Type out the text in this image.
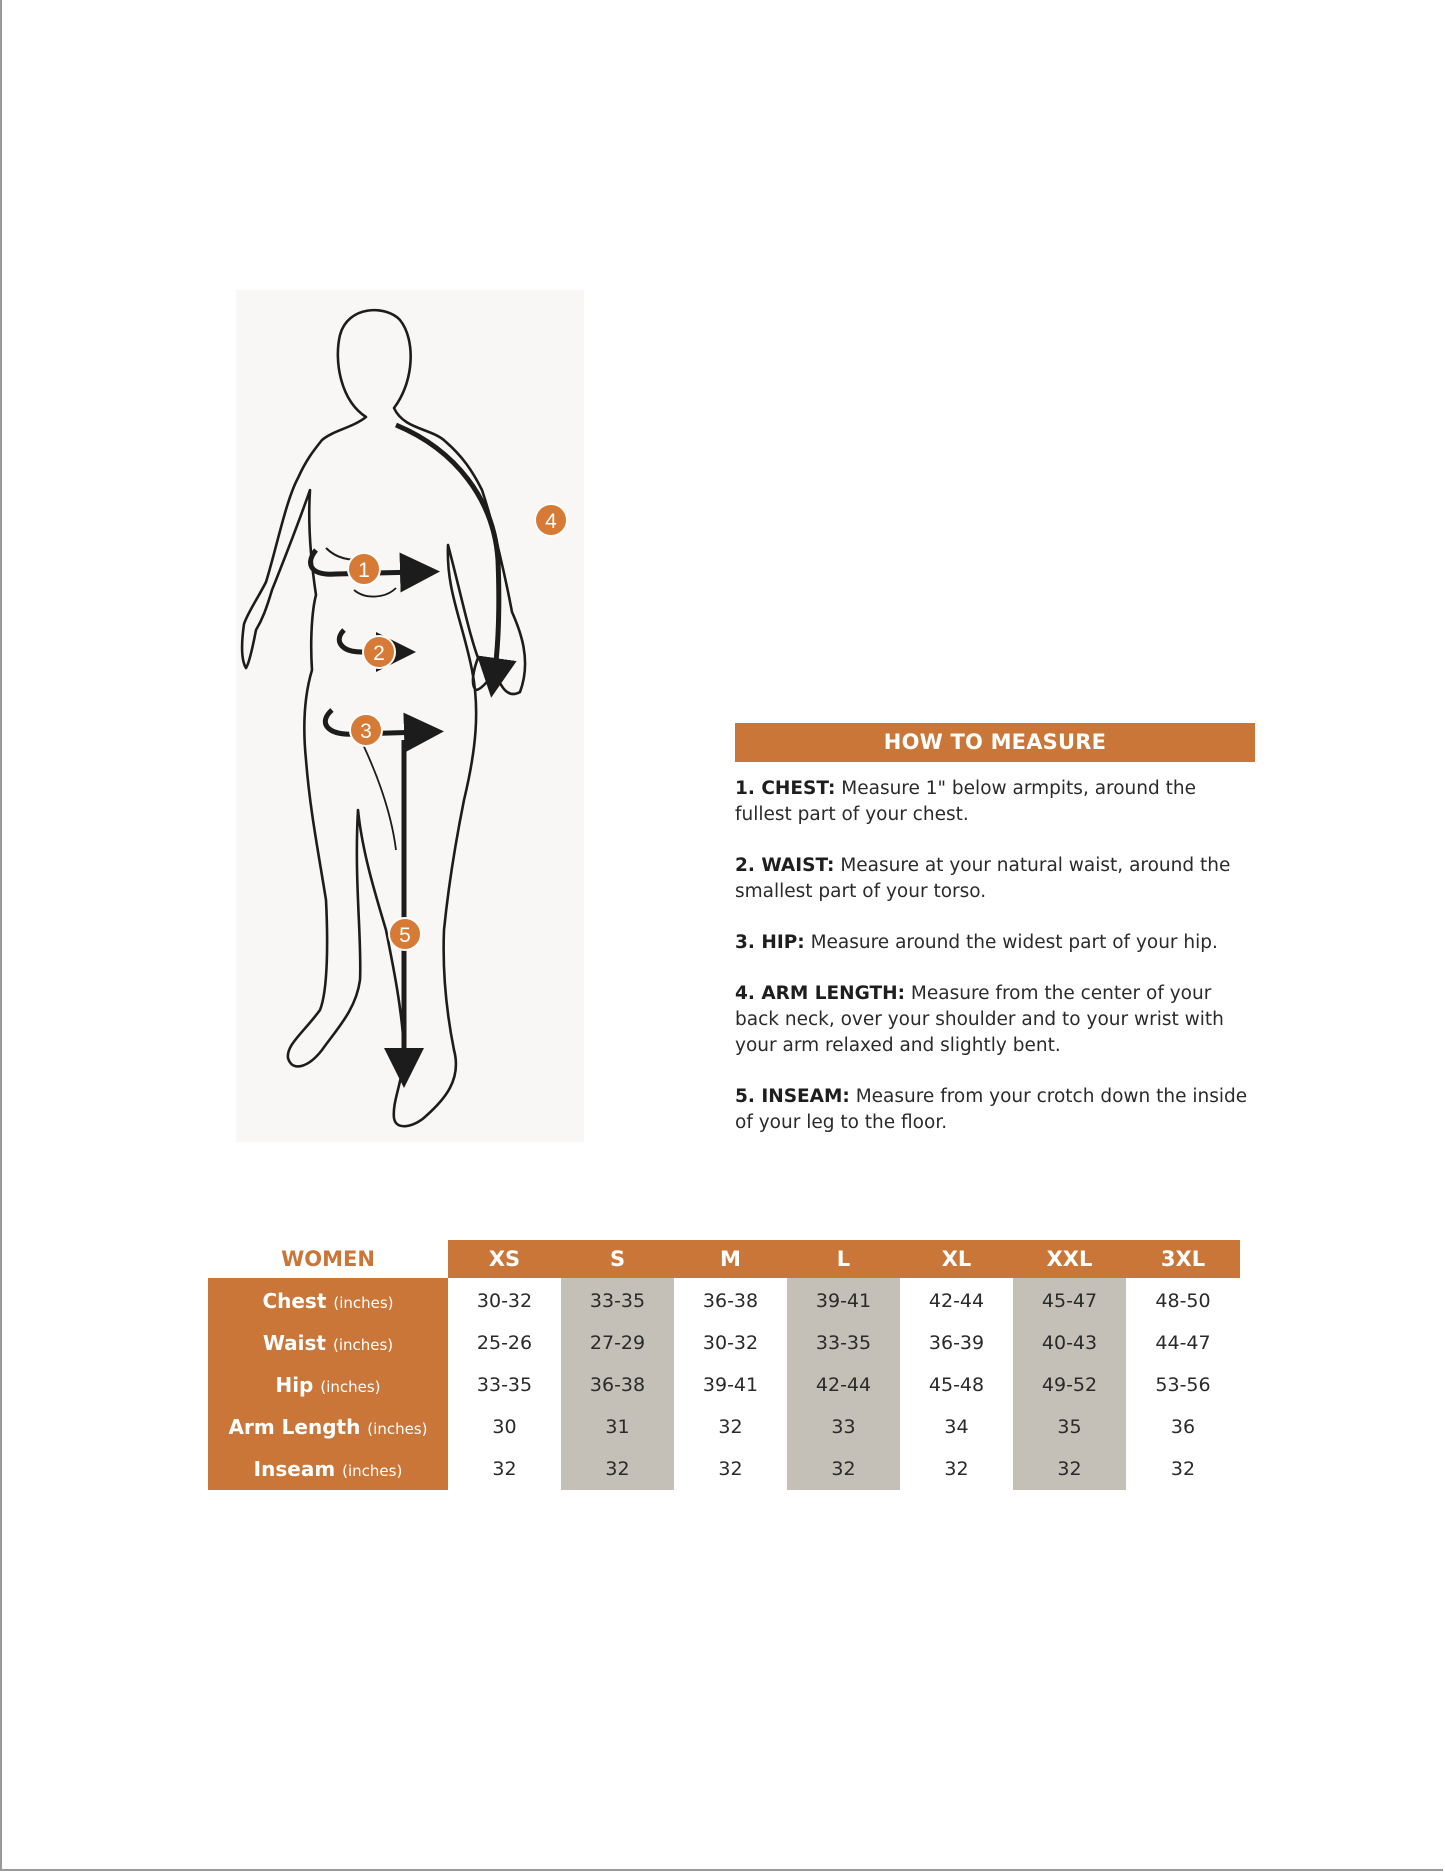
1
2
3
4
5
HOW TO MEASURE
1. CHEST: Measure 1" below armpits, around the fullest part of your chest.
2. WAIST: Measure at your natural waist, around the smallest part of your torso.
3. HIP: Measure around the widest part of your hip.
4. ARM LENGTH: Measure from the center of your back neck, over your shoulder and to your wrist with your arm relaxed and slightly bent.
5. INSEAM: Measure from your crotch down the inside of your leg to the floor.
WOMEN	XS	S	M	L	XL	XXL	3XL
Chest (inches)	30-32	33-35	36-38	39-41	42-44	45-47	48-50
Waist (inches)	25-26	27-29	30-32	33-35	36-39	40-43	44-47
Hip (inches)	33-35	36-38	39-41	42-44	45-48	49-52	53-56
Arm Length (inches)	30	31	32	33	34	35	36
Inseam (inches)	32	32	32	32	32	32	32
